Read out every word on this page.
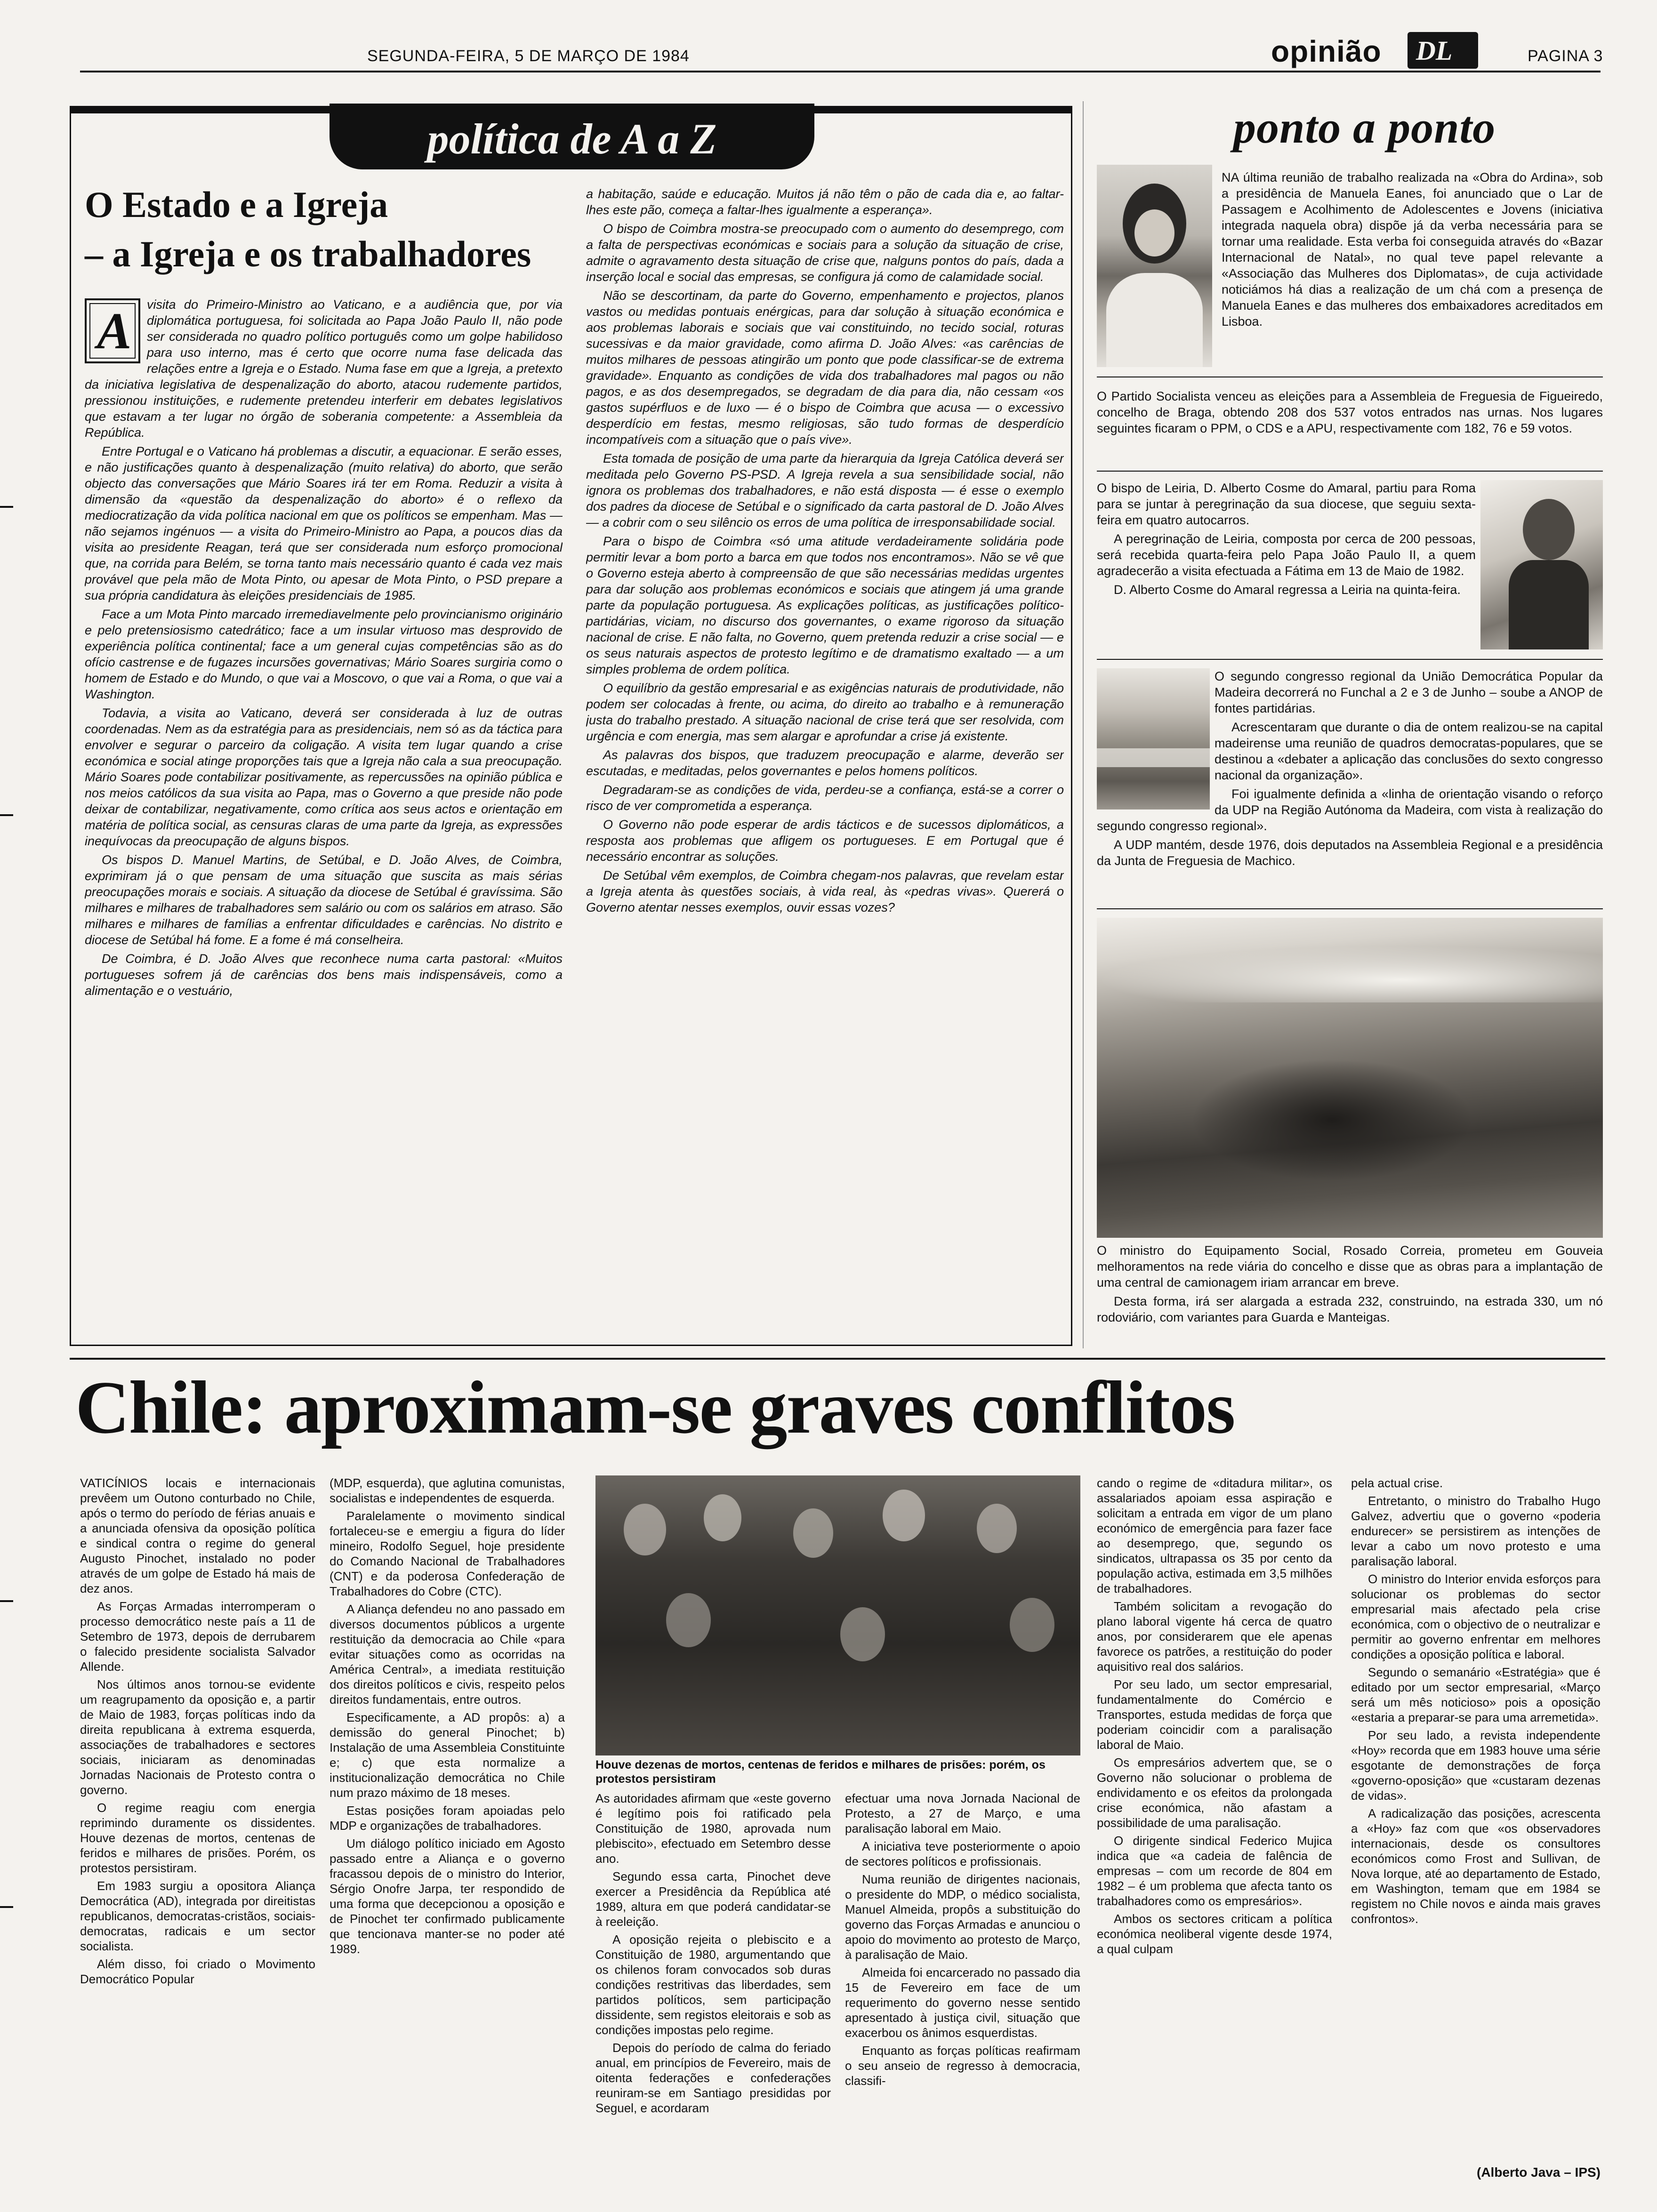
SEGUNDA-FEIRA, 5 DE MARÇO DE 1984	opinião DL	PAGINA 3
política de A a Z
O Estado e a Igreja
– a Igreja e os trabalhadores
A	visita do Primeiro-Ministro ao Vaticano, e a audiência que, por via diplomática portuguesa, foi solicitada ao Papa João Paulo II, não pode ser considerada no quadro político português como um golpe habilidoso para uso interno, mas é certo que ocorre numa fase delicada das relações entre a Igreja e o Estado. Numa fase em que a Igreja, a pretexto da iniciativa legislativa de despenalização do aborto, atacou rudemente partidos, pressionou instituições, e rudemente pretendeu interferir em debates legislativos que estavam a ter lugar no órgão de soberania competente: a Assembleia da República.

Entre Portugal e o Vaticano há problemas a discutir, a equacionar. E serão esses, e não justificações quanto à despenalização (muito relativa) do aborto, que serão objecto das conversações que Mário Soares irá ter em Roma. Reduzir a visita à dimensão da «questão da despenalização do aborto» é o reflexo da mediocratização da vida política nacional em que os políticos se empenham. Mas — não sejamos ingénuos — a visita do Primeiro-Ministro ao Papa, a poucos dias da visita ao presidente Reagan, terá que ser considerada num esforço promocional que, na corrida para Belém, se torna tanto mais necessário quanto é cada vez mais provável que pela mão de Mota Pinto, ou apesar de Mota Pinto, o PSD prepare a sua própria candidatura às eleições presidenciais de 1985.

Face a um Mota Pinto marcado irremediavelmente pelo provincianismo originário e pelo pretensiosismo catedrático; face a um insular virtuoso mas desprovido de experiência política continental; face a um general cujas competências são as do ofício castrense e de fugazes incursões governativas; Mário Soares surgiria como o homem de Estado e do Mundo, o que vai a Moscovo, o que vai a Roma, o que vai a Washington.

Todavia, a visita ao Vaticano, deverá ser considerada à luz de outras coordenadas. Nem as da estratégia para as presidenciais, nem só as da táctica para envolver e segurar o parceiro da coligação. A visita tem lugar quando a crise económica e social atinge proporções tais que a Igreja não cala a sua preocupação. Mário Soares pode contabilizar positivamente, as repercussões na opinião pública e nos meios católicos da sua visita ao Papa, mas o Governo a que preside não pode deixar de contabilizar, negativamente, como crítica aos seus actos e orientação em matéria de política social, as censuras claras de uma parte da Igreja, as expressões inequívocas da preocupação de alguns bispos.

Os bispos D. Manuel Martins, de Setúbal, e D. João Alves, de Coimbra, exprimiram já o que pensam de uma situação que suscita as mais sérias preocupações morais e sociais. A situação da diocese de Setúbal é gravíssima. São milhares e milhares de trabalhadores sem salário ou com os salários em atraso. São milhares e milhares de famílias a enfrentar dificuldades e carências. No distrito e diocese de Setúbal há fome. E a fome é má conselheira.

De Coimbra, é D. João Alves que reconhece numa carta pastoral: «Muitos portugueses sofrem já de carências dos bens mais indispensáveis, como a alimentação e o vestuário,

a habitação, saúde e educação. Muitos já não têm o pão de cada dia e, ao faltar-lhes este pão, começa a faltar-lhes igualmente a esperança».

O bispo de Coimbra mostra-se preocupado com o aumento do desemprego, com a falta de perspectivas económicas e sociais para a solução da situação de crise, admite o agravamento desta situação de crise que, nalguns pontos do país, dada a inserção local e social das empresas, se configura já como de calamidade social.

Não se descortinam, da parte do Governo, empenhamento e projectos, planos vastos ou medidas pontuais enérgicas, para dar solução à situação económica e aos problemas laborais e sociais que vai constituindo, no tecido social, roturas sucessivas e da maior gravidade, como afirma D. João Alves: «as carências de muitos milhares de pessoas atingirão um ponto que pode classificar-se de extrema gravidade». Enquanto as condições de vida dos trabalhadores mal pagos ou não pagos, e as dos desempregados, se degradam de dia para dia, não cessam «os gastos supérfluos e de luxo — é o bispo de Coimbra que acusa — o excessivo desperdício em festas, mesmo religiosas, são tudo formas de desperdício incompatíveis com a situação que o país vive».

Esta tomada de posição de uma parte da hierarquia da Igreja Católica deverá ser meditada pelo Governo PS-PSD. A Igreja revela a sua sensibilidade social, não ignora os problemas dos trabalhadores, e não está disposta — é esse o exemplo dos padres da diocese de Setúbal e o significado da carta pastoral de D. João Alves — a cobrir com o seu silêncio os erros de uma política de irresponsabilidade social.

Para o bispo de Coimbra «só uma atitude verdadeiramente solidária pode permitir levar a bom porto a barca em que todos nos encontramos». Não se vê que o Governo esteja aberto à compreensão de que são necessárias medidas urgentes para dar solução aos problemas económicos e sociais que atingem já uma grande parte da população portuguesa. As explicações políticas, as justificações político-partidárias, viciam, no discurso dos governantes, o exame rigoroso da situação nacional de crise. E não falta, no Governo, quem pretenda reduzir a crise social — e os seus naturais aspectos de protesto legítimo e de dramatismo exaltado — a um simples problema de ordem política.

O equilíbrio da gestão empresarial e as exigências naturais de produtividade, não podem ser colocadas à frente, ou acima, do direito ao trabalho e à remuneração justa do trabalho prestado. A situação nacional de crise terá que ser resolvida, com urgência e com energia, mas sem alargar e aprofundar a crise já existente.

As palavras dos bispos, que traduzem preocupação e alarme, deverão ser escutadas, e meditadas, pelos governantes e pelos homens políticos.

Degradaram-se as condições de vida, perdeu-se a confiança, está-se a correr o risco de ver comprometida a esperança.

O Governo não pode esperar de ardis tácticos e de sucessos diplomáticos, a resposta aos problemas que afligem os portugueses. E em Portugal que é necessário encontrar as soluções.

De Setúbal vêm exemplos, de Coimbra chegam-nos palavras, que revelam estar a Igreja atenta às questões sociais, à vida real, às «pedras vivas». Quererá o Governo atentar nesses exemplos, ouvir essas vozes?

ponto a ponto

NA última reunião de trabalho realizada na «Obra do Ardina», sob a presidência de Manuela Eanes, foi anunciado que o Lar de Passagem e Acolhimento de Adolescentes e Jovens (iniciativa integrada naquela obra) dispõe já da verba necessária para se tornar uma realidade. Esta verba foi conseguida através do «Bazar Internacional de Natal», no qual teve papel relevante a «Associação das Mulheres dos Diplomatas», de cuja actividade noticiámos há dias a realização de um chá com a presença de Manuela Eanes e das mulheres dos embaixadores acreditados em Lisboa.

O Partido Socialista venceu as eleições para a Assembleia de Freguesia de Figueiredo, concelho de Braga, obtendo 208 dos 537 votos entrados nas urnas. Nos lugares seguintes ficaram o PPM, o CDS e a APU, respectivamente com 182, 76 e 59 votos.

O bispo de Leiria, D. Alberto Cosme do Amaral, partiu para Roma para se juntar à peregrinação da sua diocese, que seguiu sexta-feira em quatro autocarros.

A peregrinação de Leiria, composta por cerca de 200 pessoas, será recebida quarta-feira pelo Papa João Paulo II, a quem agradecerão a visita efectuada a Fátima em 13 de Maio de 1982.

D. Alberto Cosme do Amaral regressa a Leiria na quinta-feira.

O segundo congresso regional da União Democrática Popular da Madeira decorrerá no Funchal a 2 e 3 de Junho – soube a ANOP de fontes partidárias.

Acrescentaram que durante o dia de ontem realizou-se na capital madeirense uma reunião de quadros democratas-populares, que se destinou a «debater a aplicação das conclusões do sexto congresso nacional da organização».

Foi igualmente definida a «linha de orientação visando o reforço da UDP na Região Autónoma da Madeira, com vista à realização do segundo congresso regional».

A UDP mantém, desde 1976, dois deputados na Assembleia Regional e a presidência da Junta de Freguesia de Machico.

O ministro do Equipamento Social, Rosado Correia, prometeu em Gouveia melhoramentos na rede viária do concelho e disse que as obras para a implantação de uma central de camionagem iriam arrancar em breve.

Desta forma, irá ser alargada a estrada 232, construindo, na estrada 330, um nó rodoviário, com variantes para Guarda e Manteigas.

Chile: aproximam-se graves conflitos

VATICÍNIOS locais e internacionais prevêem um Outono conturbado no Chile, após o termo do período de férias anuais e a anunciada ofensiva da oposição política e sindical contra o regime do general Augusto Pinochet, instalado no poder através de um golpe de Estado há mais de dez anos.

As Forças Armadas interromperam o processo democrático neste país a 11 de Setembro de 1973, depois de derrubarem o falecido presidente socialista Salvador Allende.

Nos últimos anos tornou-se evidente um reagrupamento da oposição e, a partir de Maio de 1983, forças políticas indo da direita republicana à extrema esquerda, associações de trabalhadores e sectores sociais, iniciaram as denominadas Jornadas Nacionais de Protesto contra o governo.

O regime reagiu com energia reprimindo duramente os dissidentes. Houve dezenas de mortos, centenas de feridos e milhares de prisões. Porém, os protestos persistiram.

Em 1983 surgiu a opositora Aliança Democrática (AD), integrada por direitistas republicanos, democratas-cristãos, sociais-democratas, radicais e um sector socialista.

Além disso, foi criado o Movimento Democrático Popular

(MDP, esquerda), que aglutina comunistas, socialistas e independentes de esquerda.

Paralelamente o movimento sindical fortaleceu-se e emergiu a figura do líder mineiro, Rodolfo Seguel, hoje presidente do Comando Nacional de Trabalhadores (CNT) e da poderosa Confederação de Trabalhadores do Cobre (CTC).

A Aliança defendeu no ano passado em diversos documentos públicos a urgente restituição da democracia ao Chile «para evitar situações como as ocorridas na América Central», a imediata restituição dos direitos políticos e civis, respeito pelos direitos fundamentais, entre outros.

Especificamente, a AD propôs: a) a demissão do general Pinochet; b) Instalação de uma Assembleia Constituinte e; c) que esta normalize a institucionalização democrática no Chile num prazo máximo de 18 meses.

Estas posições foram apoiadas pelo MDP e organizações de trabalhadores.

Um diálogo político iniciado em Agosto passado entre a Aliança e o governo fracassou depois de o ministro do Interior, Sérgio Onofre Jarpa, ter respondido de uma forma que decepcionou a oposição e de Pinochet ter confirmado publicamente que tencionava manter-se no poder até 1989.

Houve dezenas de mortos, centenas de feridos e milhares de prisões: porém, os protestos persistiram

As autoridades afirmam que «este governo é legítimo pois foi ratificado pela Constituição de 1980, aprovada num plebiscito», efectuado em Setembro desse ano.

Segundo essa carta, Pinochet deve exercer a Presidência da República até 1989, altura em que poderá candidatar-se à reeleição.

A oposição rejeita o plebiscito e a Constituição de 1980, argumentando que os chilenos foram convocados sob duras condições restritivas das liberdades, sem partidos políticos, sem participação dissidente, sem registos eleitorais e sob as condições impostas pelo regime.

Depois do período de calma do feriado anual, em princípios de Fevereiro, mais de oitenta federações e confederações reuniram-se em Santiago presididas por Seguel, e acordaram

efectuar uma nova Jornada Nacional de Protesto, a 27 de Março, e uma paralisação laboral em Maio.

A iniciativa teve posteriormente o apoio de sectores políticos e profissionais.

Numa reunião de dirigentes nacionais, o presidente do MDP, o médico socialista, Manuel Almeida, propôs a substituição do governo das Forças Armadas e anunciou o apoio do movimento ao protesto de Março, à paralisação de Maio.

Almeida foi encarcerado no passado dia 15 de Fevereiro em face de um requerimento do governo nesse sentido apresentado à justiça civil, situação que exacerbou os ânimos esquerdistas.

Enquanto as forças políticas reafirmam o seu anseio de regresso à democracia, classifi-

cando o regime de «ditadura militar», os assalariados apoiam essa aspiração e solicitam a entrada em vigor de um plano económico de emergência para fazer face ao desemprego, que, segundo os sindicatos, ultrapassa os 35 por cento da população activa, estimada em 3,5 milhões de trabalhadores.

Também solicitam a revogação do plano laboral vigente há cerca de quatro anos, por considerarem que ele apenas favorece os patrões, a restituição do poder aquisitivo real dos salários.

Por seu lado, um sector empresarial, fundamentalmente do Comércio e Transportes, estuda medidas de força que poderiam coincidir com a paralisação laboral de Maio.

Os empresários advertem que, se o Governo não solucionar o problema de endividamento e os efeitos da prolongada crise económica, não afastam a possibilidade de uma paralisação.

O dirigente sindical Federico Mujica indica que «a cadeia de falência de empresas – com um recorde de 804 em 1982 – é um problema que afecta tanto os trabalhadores como os empresários».

Ambos os sectores criticam a política económica neoliberal vigente desde 1974, a qual culpam

pela actual crise.

Entretanto, o ministro do Trabalho Hugo Galvez, advertiu que o governo «poderia endurecer» se persistirem as intenções de levar a cabo um novo protesto e uma paralisação laboral.

O ministro do Interior envida esforços para solucionar os problemas do sector empresarial mais afectado pela crise económica, com o objectivo de o neutralizar e permitir ao governo enfrentar em melhores condições a oposição política e laboral.

Segundo o semanário «Estratégia» que é editado por um sector empresarial, «Março será um mês noticioso» pois a oposição «estaria a preparar-se para uma arremetida».

Por seu lado, a revista independente «Hoy» recorda que em 1983 houve uma série esgotante de demonstrações de força «governo-oposição» que «custaram dezenas de vidas».

A radicalização das posições, acrescenta a «Hoy» faz com que «os observadores internacionais, desde os consultores económicos como Frost and Sullivan, de Nova Iorque, até ao departamento de Estado, em Washington, temam que em 1984 se registem no Chile novos e ainda mais graves confrontos».

(Alberto Java – IPS)
